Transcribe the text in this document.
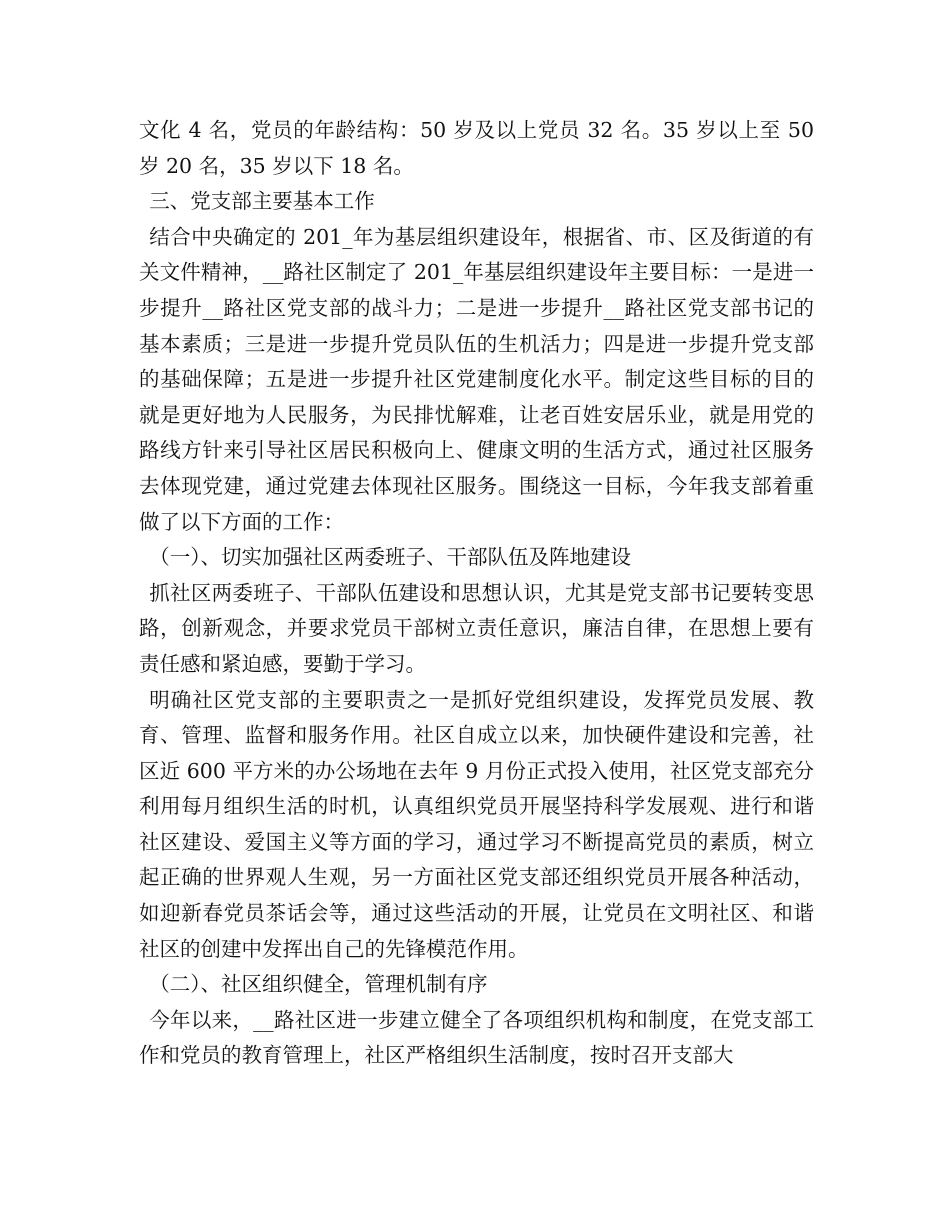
文化 4 名，党员的年龄结构：50 岁及以上党员 32 名。35 岁以上至 50 岁 20 名，35 岁以下 18 名。

三、党支部主要基本工作

结合中央确定的 201_年为基层组织建设年，根据省、市、区及街道的有关文件精神，__路社区制定了 201_年基层组织建设年主要目标：一是进一步提升__路社区党支部的战斗力；二是进一步提升__路社区党支部书记的基本素质；三是进一步提升党员队伍的生机活力；四是进一步提升党支部的基础保障；五是进一步提升社区党建制度化水平。制定这些目标的目的就是更好地为人民服务，为民排忧解难，让老百姓安居乐业，就是用党的路线方针来引导社区居民积极向上、健康文明的生活方式，通过社区服务去体现党建，通过党建去体现社区服务。围绕这一目标，今年我支部着重做了以下方面的工作：

（一）、切实加强社区两委班子、干部队伍及阵地建设

抓社区两委班子、干部队伍建设和思想认识，尤其是党支部书记要转变思路，创新观念，并要求党员干部树立责任意识，廉洁自律，在思想上要有责任感和紧迫感，要勤于学习。

明确社区党支部的主要职责之一是抓好党组织建设，发挥党员发展、教育、管理、监督和服务作用。社区自成立以来，加快硬件建设和完善，社区近 600 平方米的办公场地在去年 9 月份正式投入使用，社区党支部充分利用每月组织生活的时机，认真组织党员开展坚持科学发展观、进行和谐社区建设、爱国主义等方面的学习，通过学习不断提高党员的素质，树立起正确的世界观人生观，另一方面社区党支部还组织党员开展各种活动，如迎新春党员茶话会等，通过这些活动的开展，让党员在文明社区、和谐社区的创建中发挥出自己的先锋模范作用。

（二）、社区组织健全，管理机制有序

今年以来，__路社区进一步建立健全了各项组织机构和制度，在党支部工作和党员的教育管理上，社区严格组织生活制度，按时召开支部大
